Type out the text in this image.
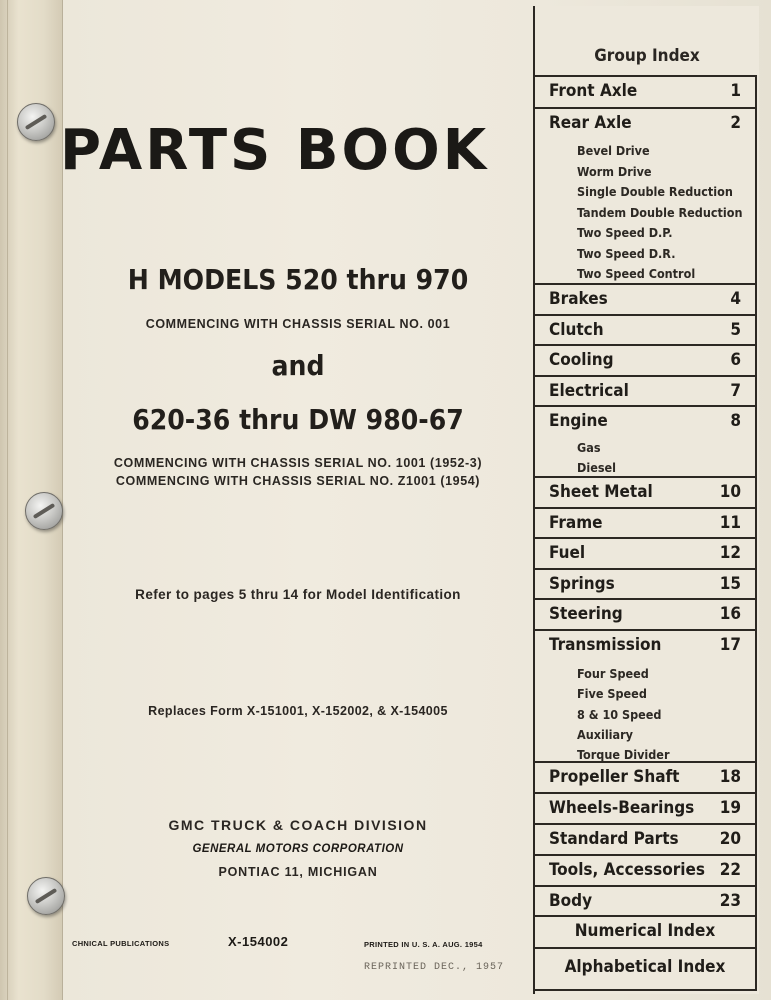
PARTS BOOK
H MODELS 520 thru 970
COMMENCING WITH CHASSIS SERIAL NO. 001
and
620-36 thru DW 980-67
COMMENCING WITH CHASSIS SERIAL NO. 1001 (1952-3)
COMMENCING WITH CHASSIS SERIAL NO. Z1001 (1954)
Refer to pages 5 thru 14 for Model Identification
Replaces Form X-151001, X-152002, & X-154005
GMC TRUCK & COACH DIVISION
GENERAL MOTORS CORPORATION
PONTIAC 11, MICHIGAN
CHNICAL PUBLICATIONS	X-154002	PRINTED IN U. S. A. AUG. 1954
REPRINTED DEC., 1957
Group Index
Front Axle	1
Rear Axle	2
Bevel Drive
Worm Drive
Single Double Reduction
Tandem Double Reduction
Two Speed D.P.
Two Speed D.R.
Two Speed Control
Brakes	4
Clutch	5
Cooling	6
Electrical	7
Engine	8
Gas
Diesel
Sheet Metal	10
Frame	11
Fuel	12
Springs	15
Steering	16
Transmission	17
Four Speed
Five Speed
8 & 10 Speed
Auxiliary
Torque Divider
Propeller Shaft 18
Wheels-Bearings 19
Standard Parts 20
Tools, Accessories 22
Body	23
Numerical Index
Alphabetical Index
